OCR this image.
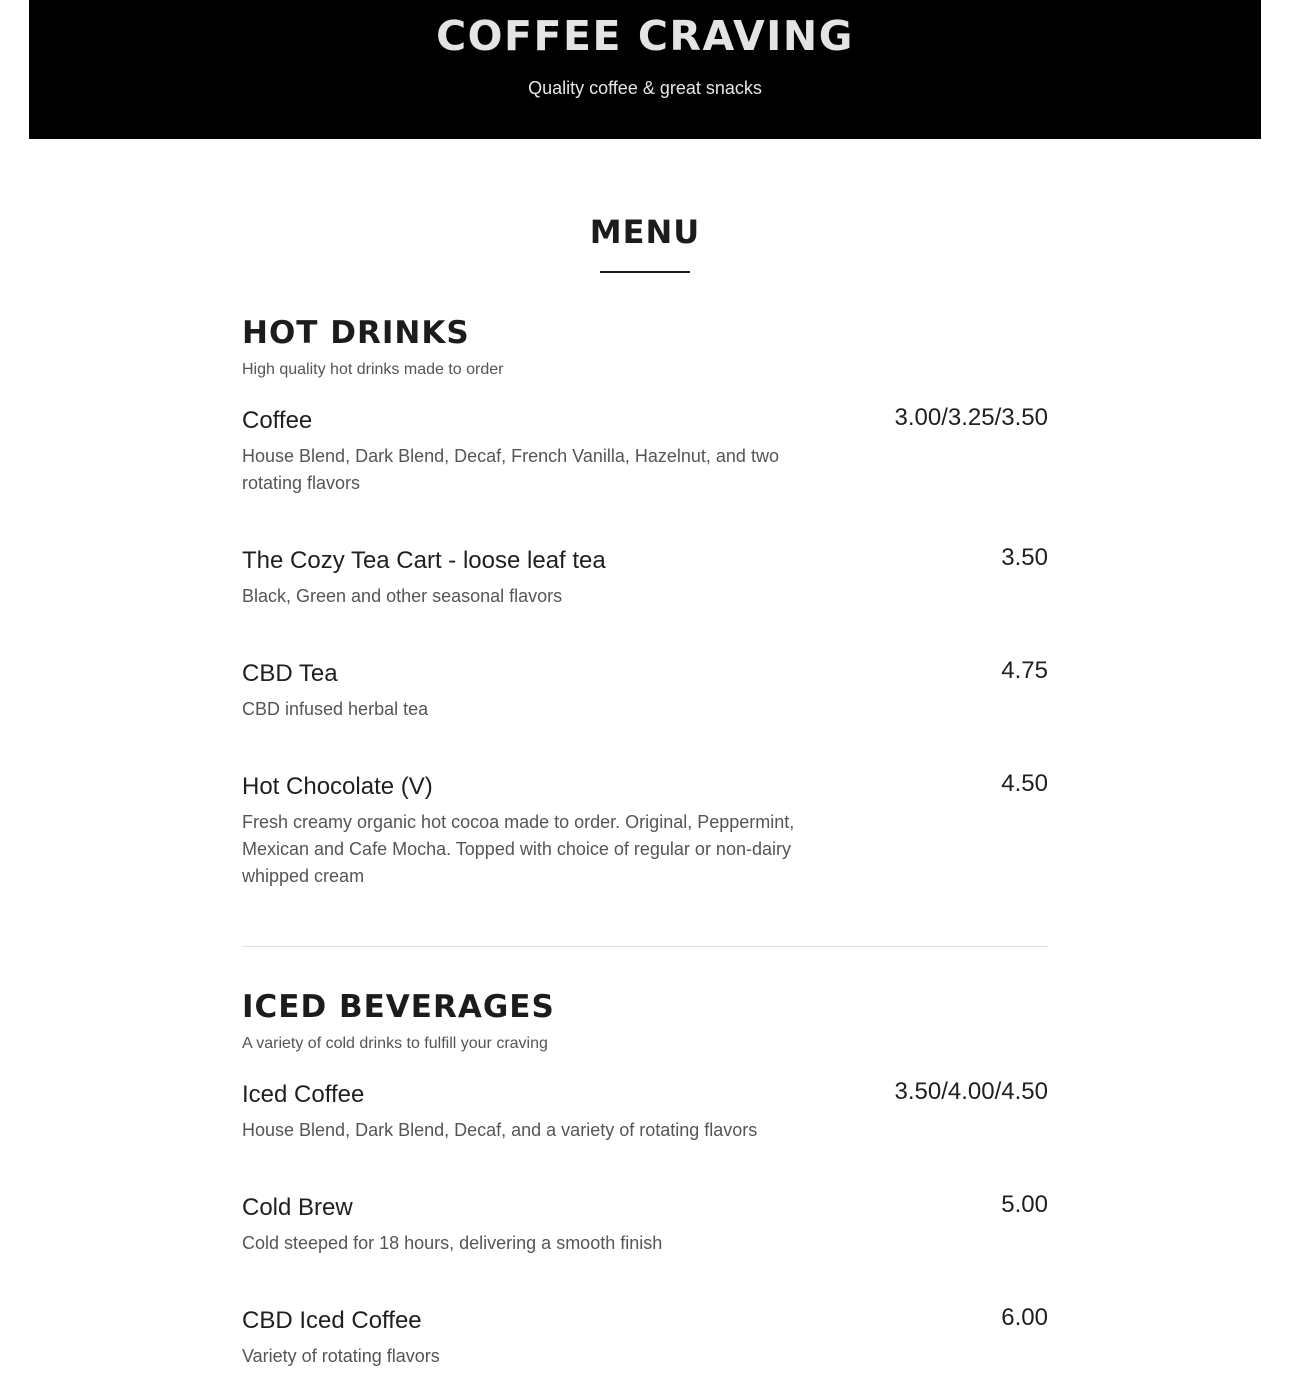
COFFEE CRAVING

Quality coffee & great snacks

MENU
HOT DRINKS

High quality hot drinks made to order

Coffee	3.00/3.25/3.50
House Blend, Dark Blend, Decaf, French Vanilla, Hazelnut, and two rotating flavors
The Cozy Tea Cart - loose leaf tea	3.50
Black, Green and other seasonal flavors
CBD Tea	4.75
CBD infused herbal tea
Hot Chocolate (V)	4.50
Fresh creamy organic hot cocoa made to order. Original, Peppermint, Mexican and Cafe Mocha. Topped with choice of regular or non-dairy whipped cream
ICED BEVERAGES

A variety of cold drinks to fulfill your craving

Iced Coffee	3.50/4.00/4.50
House Blend, Dark Blend, Decaf, and a variety of rotating flavors
Cold Brew	5.00
Cold steeped for 18 hours, delivering a smooth finish
CBD Iced Coffee	6.00
Variety of rotating flavors
